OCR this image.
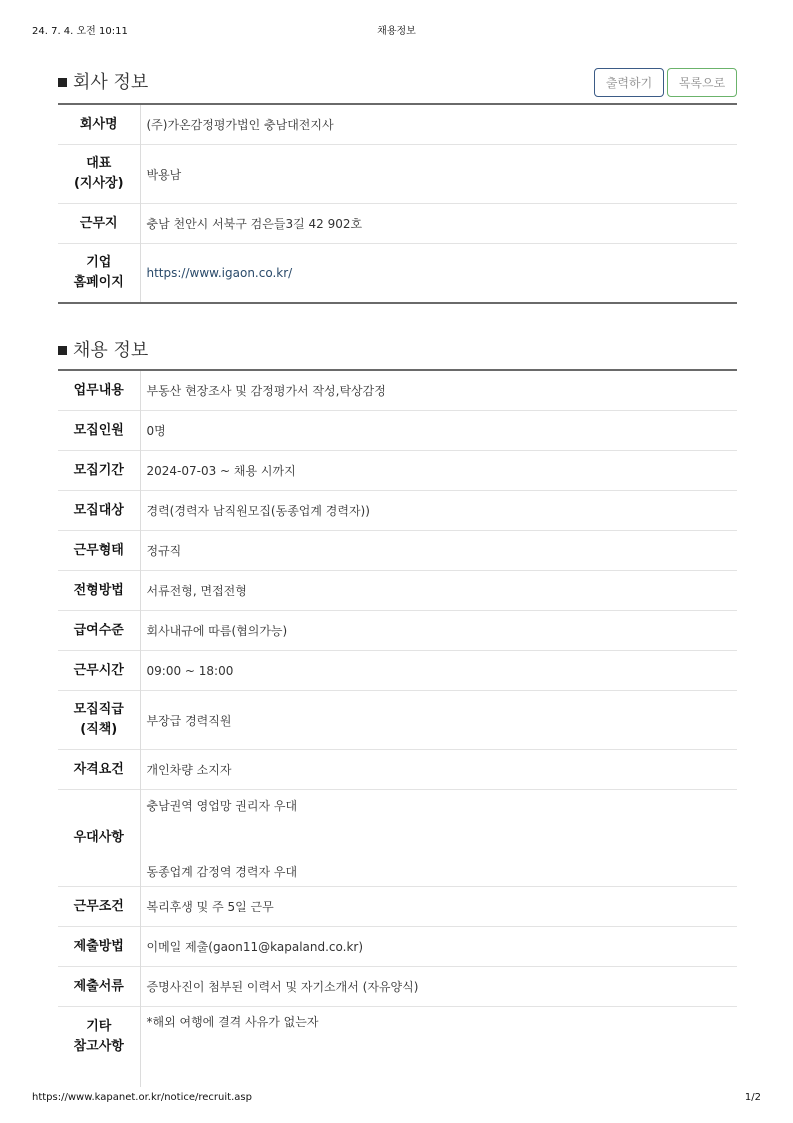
24. 7. 4. 오전 10:11	채용정보
회사 정보	출력하기	목록으로
회사명	(주)가온감정평가법인 충남대전지사
대표
(지사장)	박용남
근무지	충남 천안시 서북구 검은들3길 42 902호
기업
홈페이지	https://www.igaon.co.kr/
채용 정보
업무내용	부동산 현장조사 및 감정평가서 작성,탁상감정
모집인원	0명
모집기간	2024-07-03 ~ 채용 시까지
모집대상	경력(경력자 남직원모집(동종업계 경력자))
근무형태	정규직
전형방법	서류전형, 면접전형
급여수준	회사내규에 따름(협의가능)
근무시간	09:00 ~ 18:00
모집직급
(직책)	부장급 경력직원
자격요건	개인차량 소지자
우대사항	충남권역 영업망 권리자 우대
동종업계 감정역 경력자 우대

근무조건	복리후생 및 주 5일 근무
제출방법	이메일 제출(gaon11@kapaland.co.kr)
제출서류	증명사진이 첨부된 이력서 및 자기소개서 (자유양식)
기타
참고사항	*해외 여행에 결격 사유가 없는자
https://www.kapanet.or.kr/notice/recruit.asp	1/2
